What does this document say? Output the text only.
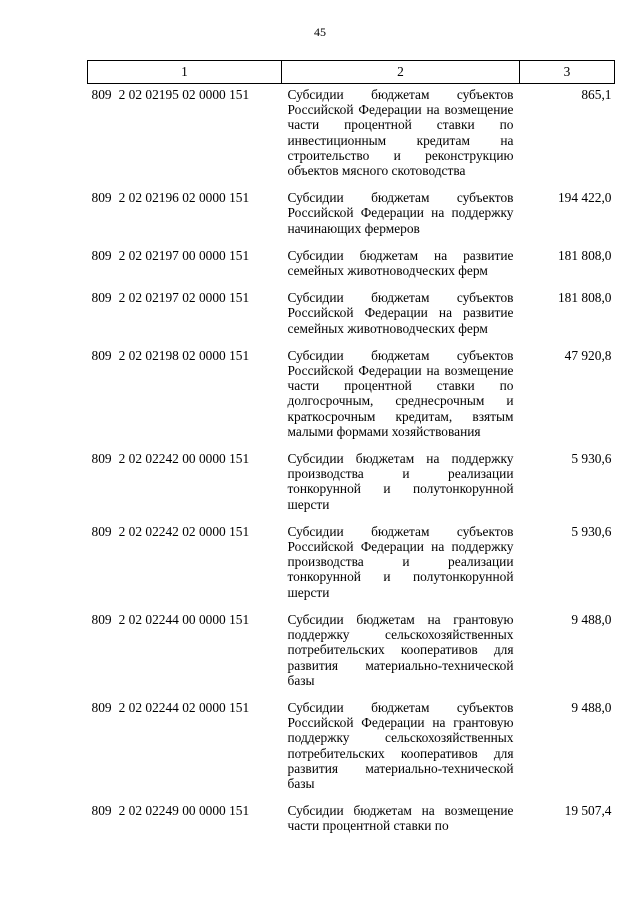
45
1	2	3
809 2 02 02195 02 0000 151	Субсидии бюджетам субъектов Российской Федерации на возмещение части процентной ставки по инвестиционным кредитам на строительство и реконструкцию объектов мясного скотоводства	865,1
809 2 02 02196 02 0000 151	Субсидии бюджетам субъектов Российской Федерации на поддержку начинающих фермеров	194 422,0
809 2 02 02197 00 0000 151	Субсидии бюджетам на развитие семейных животноводческих ферм	181 808,0
809 2 02 02197 02 0000 151	Субсидии бюджетам субъектов Российской Федерации на развитие семейных животноводческих ферм	181 808,0
809 2 02 02198 02 0000 151	Субсидии бюджетам субъектов Российской Федерации на возмещение части процентной ставки по долгосрочным, среднесрочным и краткосрочным кредитам, взятым малыми формами хозяйствования	47 920,8
809 2 02 02242 00 0000 151	Субсидии бюджетам на поддержку производства и реализации тонкорунной и полутонкорунной шерсти	5 930,6
809 2 02 02242 02 0000 151	Субсидии бюджетам субъектов Российской Федерации на поддержку производства и реализации тонкорунной и полутонкорунной шерсти	5 930,6
809 2 02 02244 00 0000 151	Субсидии бюджетам на грантовую поддержку сельскохозяйственных потребительских кооперативов для развития материально-технической базы	9 488,0
809 2 02 02244 02 0000 151	Субсидии бюджетам субъектов Российской Федерации на грантовую поддержку сельскохозяйственных потребительских кооперативов для развития материально-технической базы	9 488,0
809 2 02 02249 00 0000 151	Субсидии бюджетам на возмещение части процентной ставки по	19 507,4
